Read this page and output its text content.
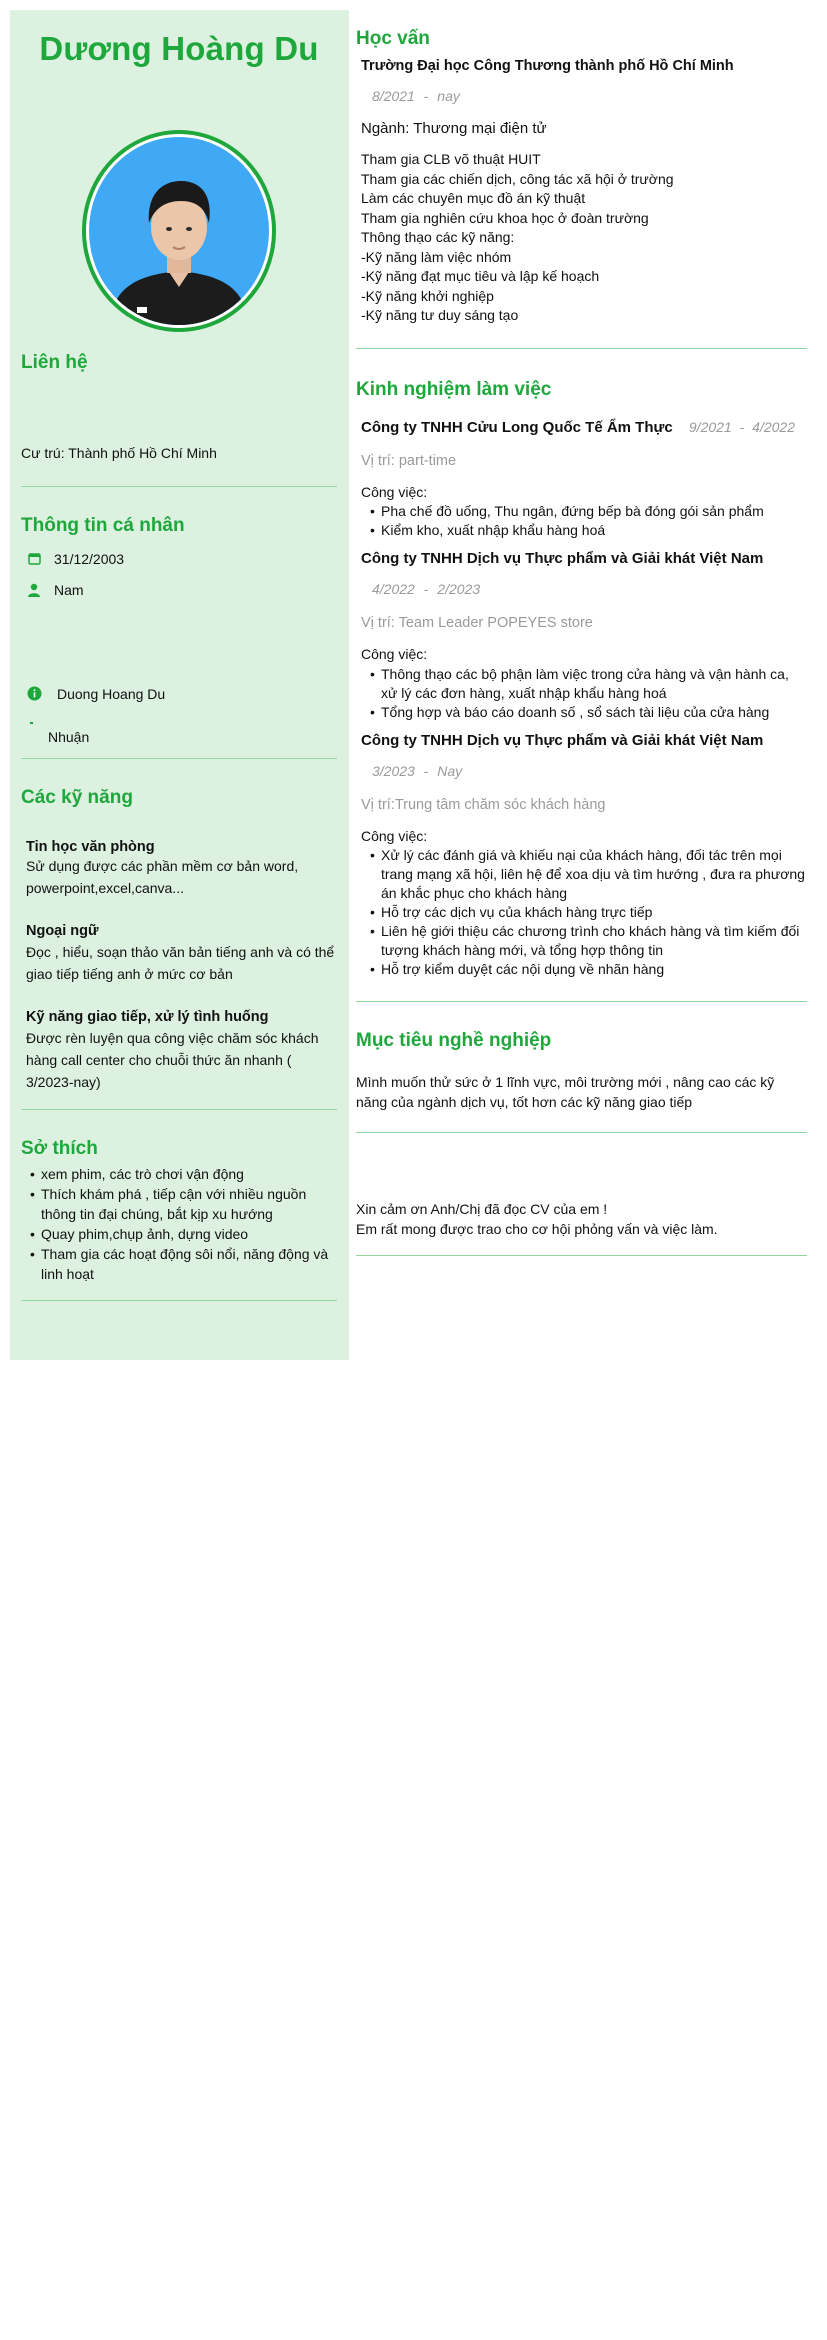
Dương Hoàng Du
Liên hệ
Cư trú: Thành phố Hồ Chí Minh
Thông tin cá nhân
31/12/2003
Nam
Duong Hoang Du
Nhuận
Các kỹ năng
Tin học văn phòng
Sử dụng được các phần mềm cơ bản word, powerpoint,excel,canva...
Ngoại ngữ
Đọc , hiểu, soạn thảo văn bản tiếng anh và có thể giao tiếp tiếng anh ở mức cơ bản
Kỹ năng giao tiếp, xử lý tình huống
Được rèn luyện qua công việc chăm sóc khách hàng call center cho chuỗi thức ăn nhanh ( 3/2023-nay)
Sở thích
• xem phim, các trò chơi vận động
• Thích khám phá , tiếp cận với nhiều nguồn thông tin đại chúng, bắt kịp xu hướng
• Quay phim,chụp ảnh, dựng video
• Tham gia các hoạt động sôi nổi, năng động và linh hoạt
Học vấn
Trường Đại học Công Thương thành phố Hồ Chí Minh
8/2021 - nay
Ngành: Thương mại điện tử
Tham gia CLB võ thuật HUIT
Tham gia các chiến dịch, công tác xã hội ở trường
Làm các chuyên mục đồ án kỹ thuật
Tham gia nghiên cứu khoa học ở đoàn trường
Thông thạo các kỹ năng:
-Kỹ năng làm việc nhóm
-Kỹ năng đạt mục tiêu và lập kế hoạch
-Kỹ năng khởi nghiệp
-Kỹ năng tư duy sáng tạo
Kinh nghiệm làm việc
Công ty TNHH Cửu Long Quốc Tế Ẩm Thực 9/2021 - 4/2022
Vị trí: part-time
Công việc:
• Pha chế đồ uống, Thu ngân, đứng bếp bà đóng gói sản phẩm
• Kiểm kho, xuất nhập khẩu hàng hoá
Công ty TNHH Dịch vụ Thực phẩm và Giải khát Việt Nam
4/2022 - 2/2023
Vị trí: Team Leader POPEYES store
Công việc:
• Thông thạo các bộ phận làm việc trong cửa hàng và vận hành ca, xử lý các đơn hàng, xuất nhập khẩu hàng hoá
• Tổng hợp và báo cáo doanh số , sổ sách tài liệu của cửa hàng
Công ty TNHH Dịch vụ Thực phẩm và Giải khát Việt Nam
3/2023 - Nay
Vị trí:Trung tâm chăm sóc khách hàng
Công việc:
• Xử lý các đánh giá và khiếu nại của khách hàng, đối tác trên mọi trang mạng xã hội, liên hệ để xoa dịu và tìm hướng , đưa ra phương án khắc phục cho khách hàng
• Hỗ trợ các dịch vụ của khách hàng trực tiếp
• Liên hệ giới thiệu các chương trình cho khách hàng và tìm kiếm đối tượng khách hàng mới, và tổng hợp thông tin
• Hỗ trợ kiểm duyệt các nội dụng về nhãn hàng
Mục tiêu nghề nghiệp
Mình muốn thử sức ở 1 lĩnh vực, môi trường mới , nâng cao các kỹ năng của ngành dịch vụ, tốt hơn các kỹ năng giao tiếp
Xin cảm ơn Anh/Chị đã đọc CV của em !
Em rất mong được trao cho cơ hội phỏng vấn và việc làm.
